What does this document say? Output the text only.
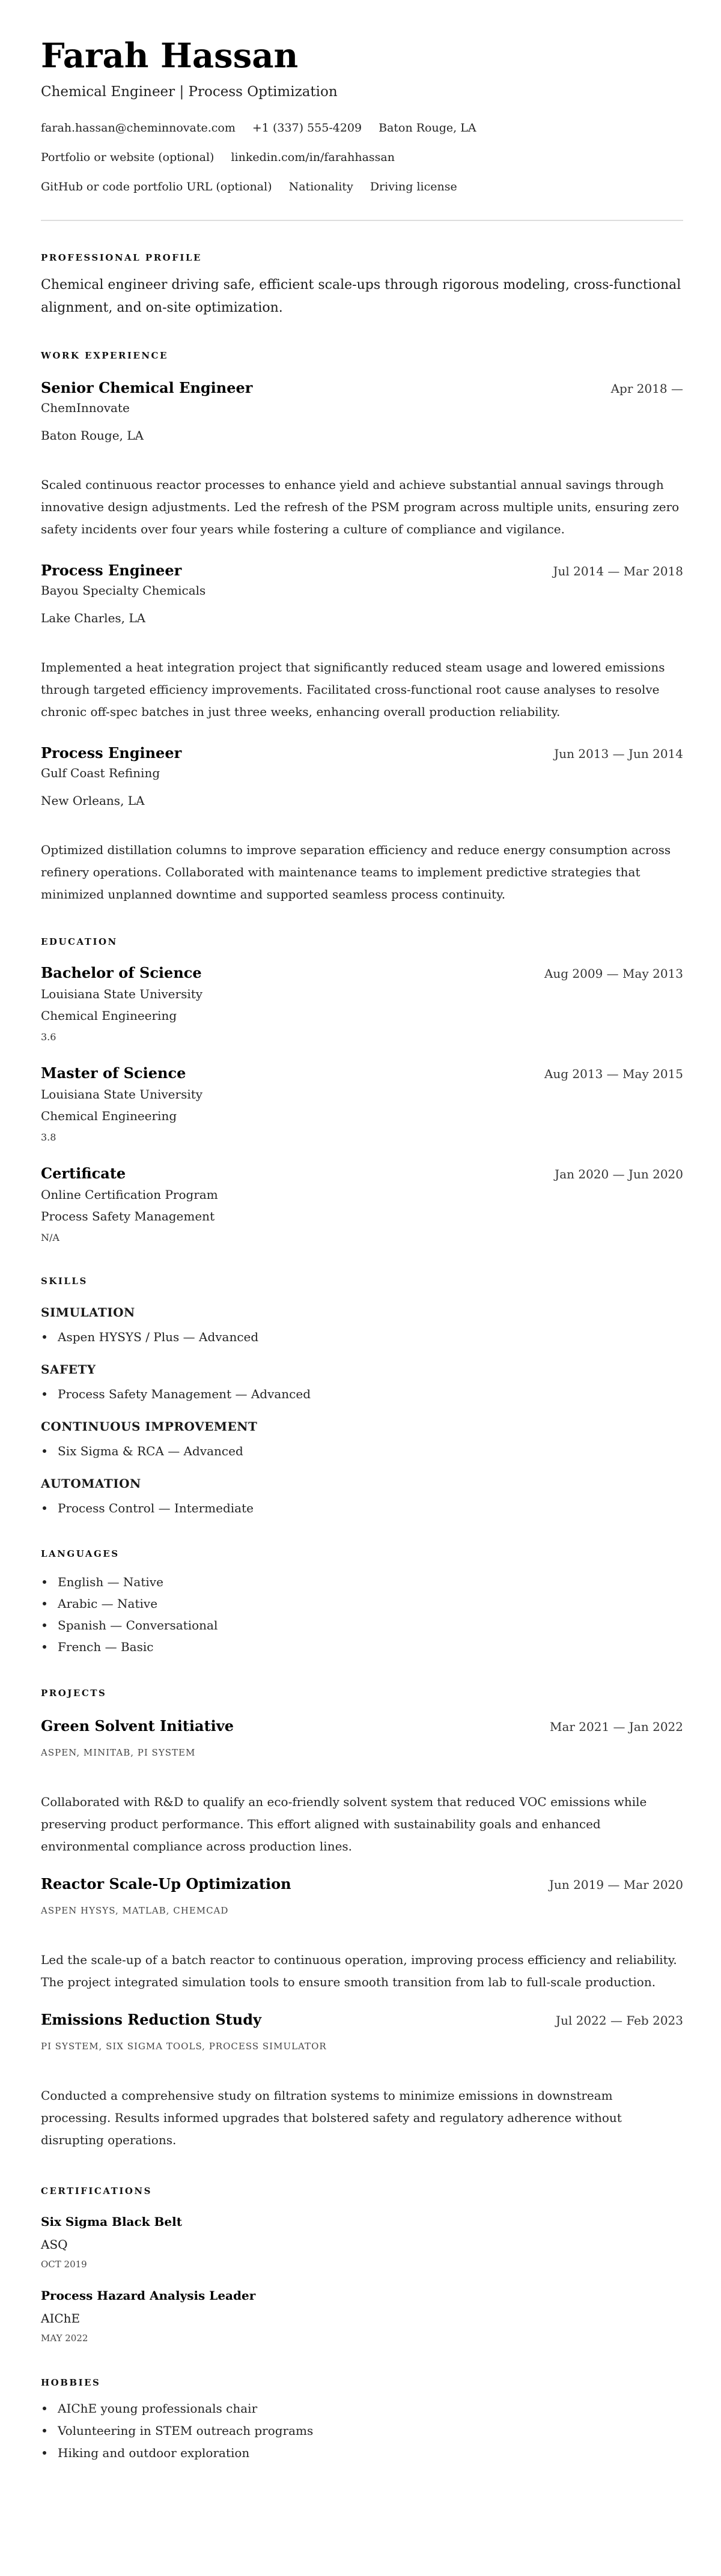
Farah Hassan
Chemical Engineer | Process Optimization
farah.hassan@cheminnovate.com +1 (337) 555-4209 Baton Rouge, LA
Portfolio or website (optional) linkedin.com/in/farahhassan
GitHub or code portfolio URL (optional) Nationality Driving license
PROFESSIONAL PROFILE
Chemical engineer driving safe, efficient scale-ups through rigorous modeling, cross-functional alignment, and on-site optimization.
WORK EXPERIENCE
Senior Chemical Engineer	Apr 2018 —
ChemInnovate
Baton Rouge, LA
Scaled continuous reactor processes to enhance yield and achieve substantial annual savings through innovative design adjustments. Led the refresh of the PSM program across multiple units, ensuring zero safety incidents over four years while fostering a culture of compliance and vigilance.
Process Engineer	Jul 2014 — Mar 2018
Bayou Specialty Chemicals
Lake Charles, LA
Implemented a heat integration project that significantly reduced steam usage and lowered emissions through targeted efficiency improvements. Facilitated cross-functional root cause analyses to resolve chronic off-spec batches in just three weeks, enhancing overall production reliability.
Process Engineer	Jun 2013 — Jun 2014
Gulf Coast Refining
New Orleans, LA
Optimized distillation columns to improve separation efficiency and reduce energy consumption across refinery operations. Collaborated with maintenance teams to implement predictive strategies that minimized unplanned downtime and supported seamless process continuity.
EDUCATION
Bachelor of Science	Aug 2009 — May 2013
Louisiana State University
Chemical Engineering
3.6
Master of Science	Aug 2013 — May 2015
Louisiana State University
Chemical Engineering
3.8
Certificate	Jan 2020 — Jun 2020
Online Certification Program
Process Safety Management
N/A
SKILLS
SIMULATION
Aspen HYSYS / Plus — Advanced
SAFETY
Process Safety Management — Advanced
CONTINUOUS IMPROVEMENT
Six Sigma & RCA — Advanced
AUTOMATION
Process Control — Intermediate
LANGUAGES
English — Native
Arabic — Native
Spanish — Conversational
French — Basic
PROJECTS
Green Solvent Initiative	Mar 2021 — Jan 2022
ASPEN, MINITAB, PI SYSTEM
Collaborated with R&D to qualify an eco-friendly solvent system that reduced VOC emissions while preserving product performance. This effort aligned with sustainability goals and enhanced environmental compliance across production lines.
Reactor Scale-Up Optimization	Jun 2019 — Mar 2020
ASPEN HYSYS, MATLAB, CHEMCAD
Led the scale-up of a batch reactor to continuous operation, improving process efficiency and reliability. The project integrated simulation tools to ensure smooth transition from lab to full-scale production.
Emissions Reduction Study	Jul 2022 — Feb 2023
PI SYSTEM, SIX SIGMA TOOLS, PROCESS SIMULATOR
Conducted a comprehensive study on filtration systems to minimize emissions in downstream processing. Results informed upgrades that bolstered safety and regulatory adherence without disrupting operations.
CERTIFICATIONS
Six Sigma Black Belt
ASQ
OCT 2019
Process Hazard Analysis Leader
AIChE
MAY 2022
HOBBIES
AIChE young professionals chair
Volunteering in STEM outreach programs
Hiking and outdoor exploration
